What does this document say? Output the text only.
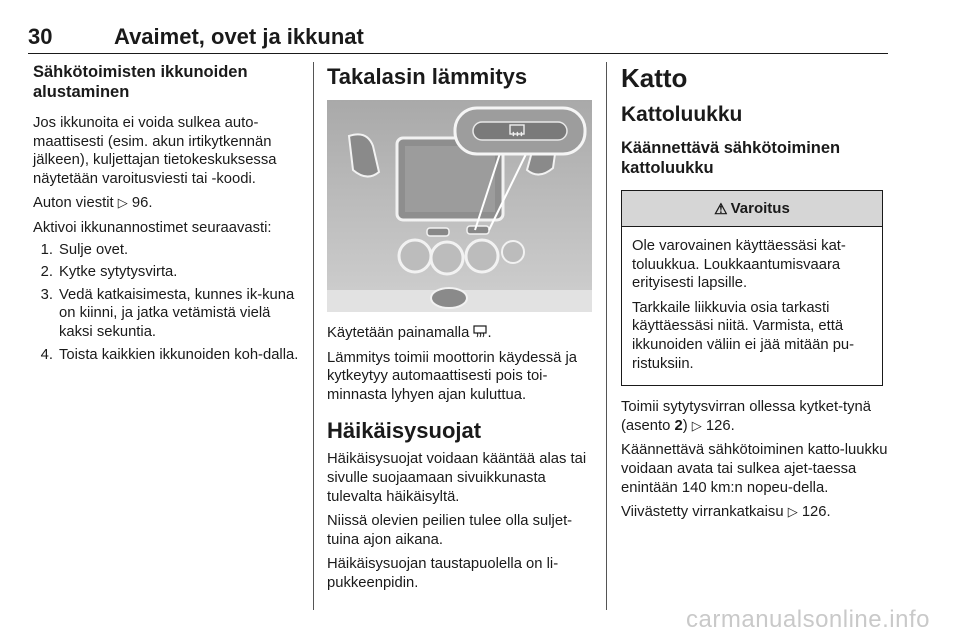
30	Avaimet, ovet ja ikkunat
Sähkötoimisten ikkunoiden alustaminen
Jos ikkunoita ei voida sulkea auto-maattisesti (esim. akun irtikytkennän jälkeen), kuljettajan tietokeskuksessa näytetään varoitusviesti tai -koodi.
Auton viestit ▷ 96.
Aktivoi ikkunannostimet seuraavasti:
1. Sulje ovet.
2. Kytke sytytysvirta.
3. Vedä katkaisimesta, kunnes ik-kuna on kiinni, ja jatka vetämistä vielä kaksi sekuntia.
4. Toista kaikkien ikkunoiden koh-dalla.
Takalasin lämmitys
Käytetään painamalla .
Lämmitys toimii moottorin käydessä ja kytkeytyy automaattisesti pois toi-minnasta lyhyen ajan kuluttua.
Häikäisysuojat
Häikäisysuojat voidaan kääntää alas tai sivulle suojaamaan sivuikkunasta tulevalta häikäisyltä.
Niissä olevien peilien tulee olla suljet-tuina ajon aikana.
Häikäisysuojan taustapuolella on li-pukkeenpidin.
Katto
Kattoluukku
Käännettävä sähkötoiminen kattoluukku
⚠ Varoitus
Ole varovainen käyttäessäsi kat-toluukkua. Loukkaantumisvaara erityisesti lapsille.
Tarkkaile liikkuvia osia tarkasti käyttäessäsi niitä. Varmista, että ikkunoiden väliin ei jää mitään pu-ristuksiin.
Toimii sytytysvirran ollessa kytket-tynä (asento 2) ▷ 126.
Käännettävä sähkötoiminen katto-luukku voidaan avata tai sulkea ajet-taessa enintään 140 km:n nopeu-della.
Viivästetty virrankatkaisu ▷ 126.
carmanualsonline.info
